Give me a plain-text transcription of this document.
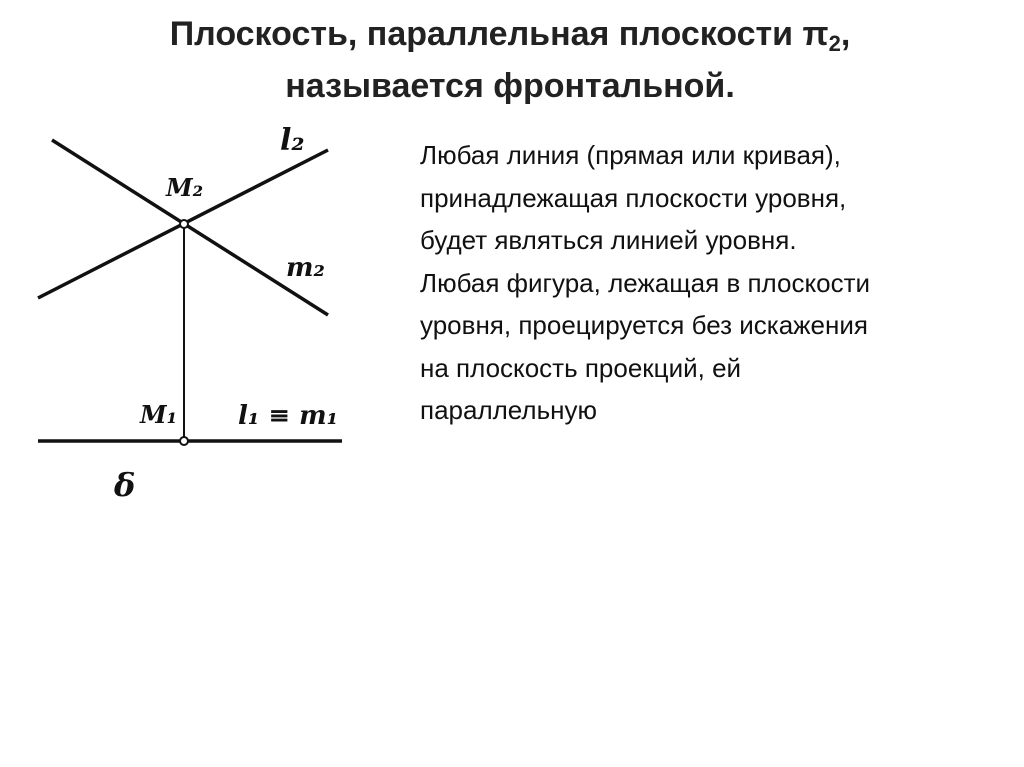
Плоскость, параллельная плоскости $\pi_2$,
называется фронтальной.
l₂
M₂
m₂
M₁ l₁ ≡ m₁
δ
Любая линия (прямая или кривая),
принадлежащая плоскости уровня,
будет являться линией уровня.
Любая фигура, лежащая в плоскости
уровня, проецируется без искажения
на плоскость проекций, ей
параллельную
